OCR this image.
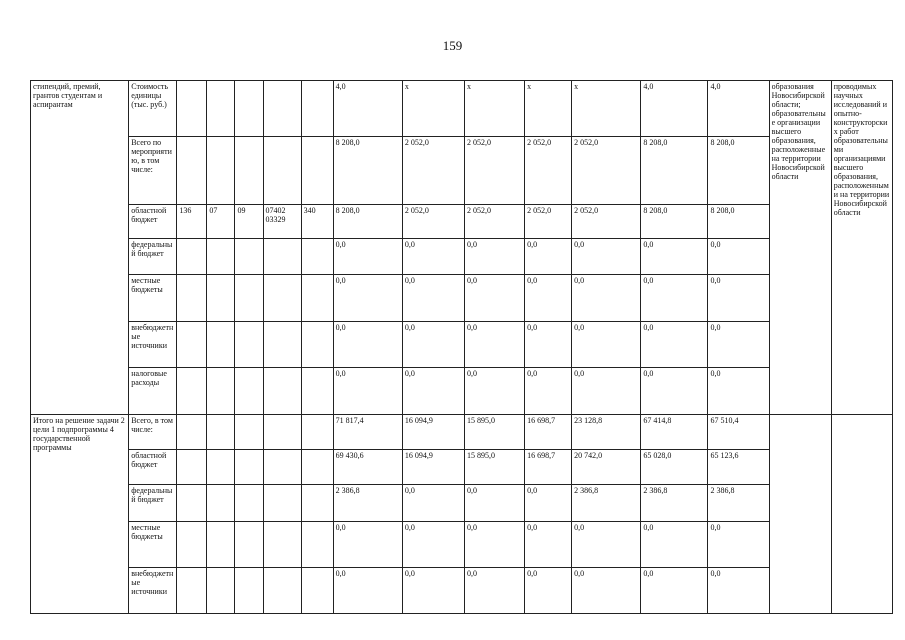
159
стипендий, премий, грантов студентам и аспирантам	Стоимость единицы (тыс. руб.)						4,0	x	x	x	x	4,0	4,0	образования Новосибирской области; образовательные организации высшего образования, расположенные на территории Новосибирской области	проводимых научных исследований и опытно-конструкторских работ образовательными организациями высшего образования, расположенными на территории Новосибирской области
	Всего по мероприятию, в том числе:						8 208,0	2 052,0	2 052,0	2 052,0	2 052,0	8 208,0	8 208,0		
	областной бюджет	136	07	09	07402 03329	340	8 208,0	2 052,0	2 052,0	2 052,0	2 052,0	8 208,0	8 208,0		
	федеральный бюджет						0,0	0,0	0,0	0,0	0,0	0,0	0,0		
	местные бюджеты						0,0	0,0	0,0	0,0	0,0	0,0	0,0		
	внебюджетные источники						0,0	0,0	0,0	0,0	0,0	0,0	0,0		
	налоговые расходы						0,0	0,0	0,0	0,0	0,0	0,0	0,0		
Итого на решение задачи 2 цели 1 подпрограммы 4 государственной программы	Всего, в том числе:						71 817,4	16 094,9	15 895,0	16 698,7	23 128,8	67 414,8	67 510,4		
	областной бюджет						69 430,6	16 094,9	15 895,0	16 698,7	20 742,0	65 028,0	65 123,6		
	федеральный бюджет						2 386,8	0,0	0,0	0,0	2 386,8	2 386,8	2 386,8		
	местные бюджеты						0,0	0,0	0,0	0,0	0,0	0,0	0,0		
	внебюджетные источники						0,0	0,0	0,0	0,0	0,0	0,0	0,0		
